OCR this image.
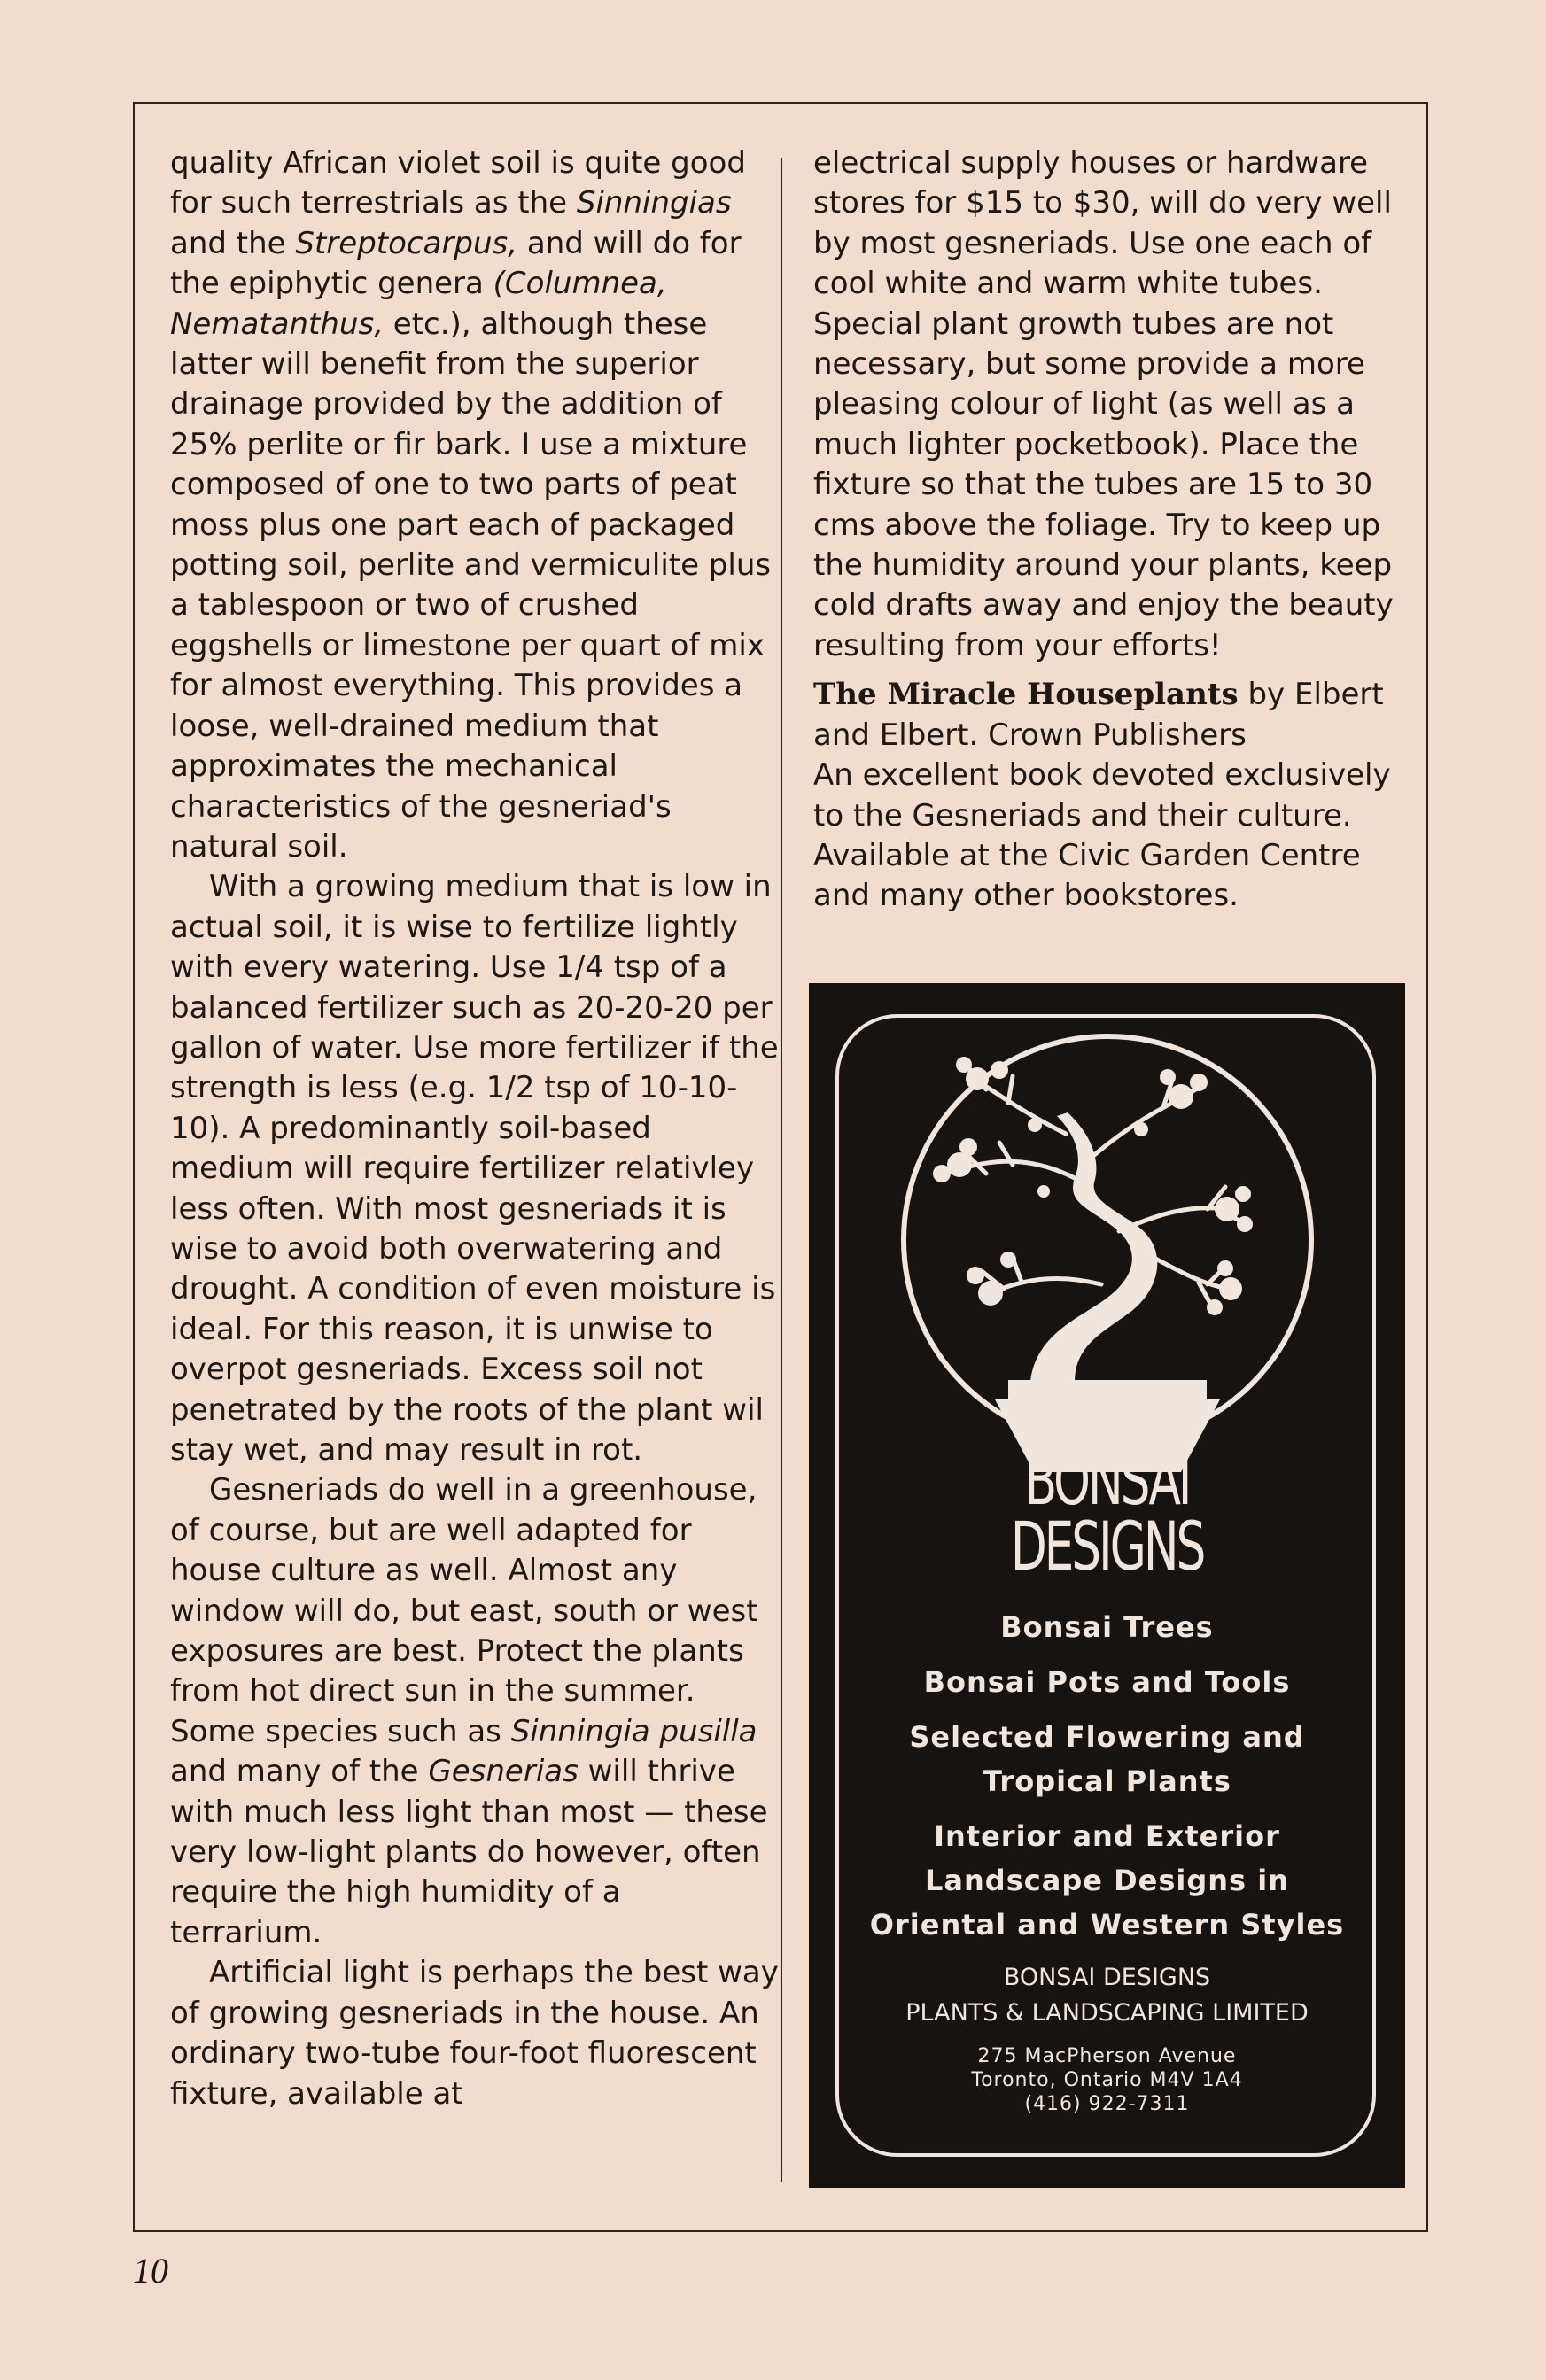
quality African violet soil is quite good for such terrestrials as the Sinningias and the Streptocarpus, and will do for the epiphytic genera (Columnea, Nematanthus, etc.), although these latter will benefit from the superior drainage provided by the addition of 25% perlite or fir bark. I use a mixture composed of one to two parts of peat moss plus one part each of packaged potting soil, perlite and vermiculite plus a tablespoon or two of crushed eggshells or limestone per quart of mix for almost everything. This provides a loose, well-drained medium that approximates the mechanical characteristics of the gesneriad's natural soil.

With a growing medium that is low in actual soil, it is wise to fertilize lightly with every watering. Use 1/4 tsp of a balanced fertilizer such as 20-20-20 per gallon of water. Use more fertilizer if the strength is less (e.g. 1/2 tsp of 10-10-10). A predominantly soil-based medium will require fertilizer relativley less often. With most gesneriads it is wise to avoid both overwatering and drought. A condition of even moisture is ideal. For this reason, it is unwise to overpot gesneriads. Excess soil not penetrated by the roots of the plant wil stay wet, and may result in rot.

Gesneriads do well in a greenhouse, of course, but are well adapted for house culture as well. Almost any window will do, but east, south or west exposures are best. Protect the plants from hot direct sun in the summer. Some species such as Sinningia pusilla and many of the Gesnerias will thrive with much less light than most — these very low-light plants do however, often require the high humidity of a terrarium.

Artificial light is perhaps the best way of growing gesneriads in the house. An ordinary two-tube four-foot fluorescent fixture, available at

electrical supply houses or hardware stores for $15 to $30, will do very well by most gesneriads. Use one each of cool white and warm white tubes. Special plant growth tubes are not necessary, but some provide a more pleasing colour of light (as well as a much lighter pocketbook). Place the fixture so that the tubes are 15 to 30 cms above the foliage. Try to keep up the humidity around your plants, keep cold drafts away and enjoy the beauty resulting from your efforts!

The Miracle Houseplants by Elbert and Elbert. Crown Publishers

An excellent book devoted exclusively to the Gesneriads and their culture. Available at the Civic Garden Centre and many other bookstores.

BONSAI
DESIGNS
Bonsai Trees
Bonsai Pots and Tools
Selected Flowering and
Tropical Plants
Interior and Exterior
Landscape Designs in
Oriental and Western Styles
BONSAI DESIGNS
PLANTS & LANDSCAPING LIMITED
275 MacPherson Avenue
Toronto, Ontario M4V 1A4
(416) 922-7311
10
